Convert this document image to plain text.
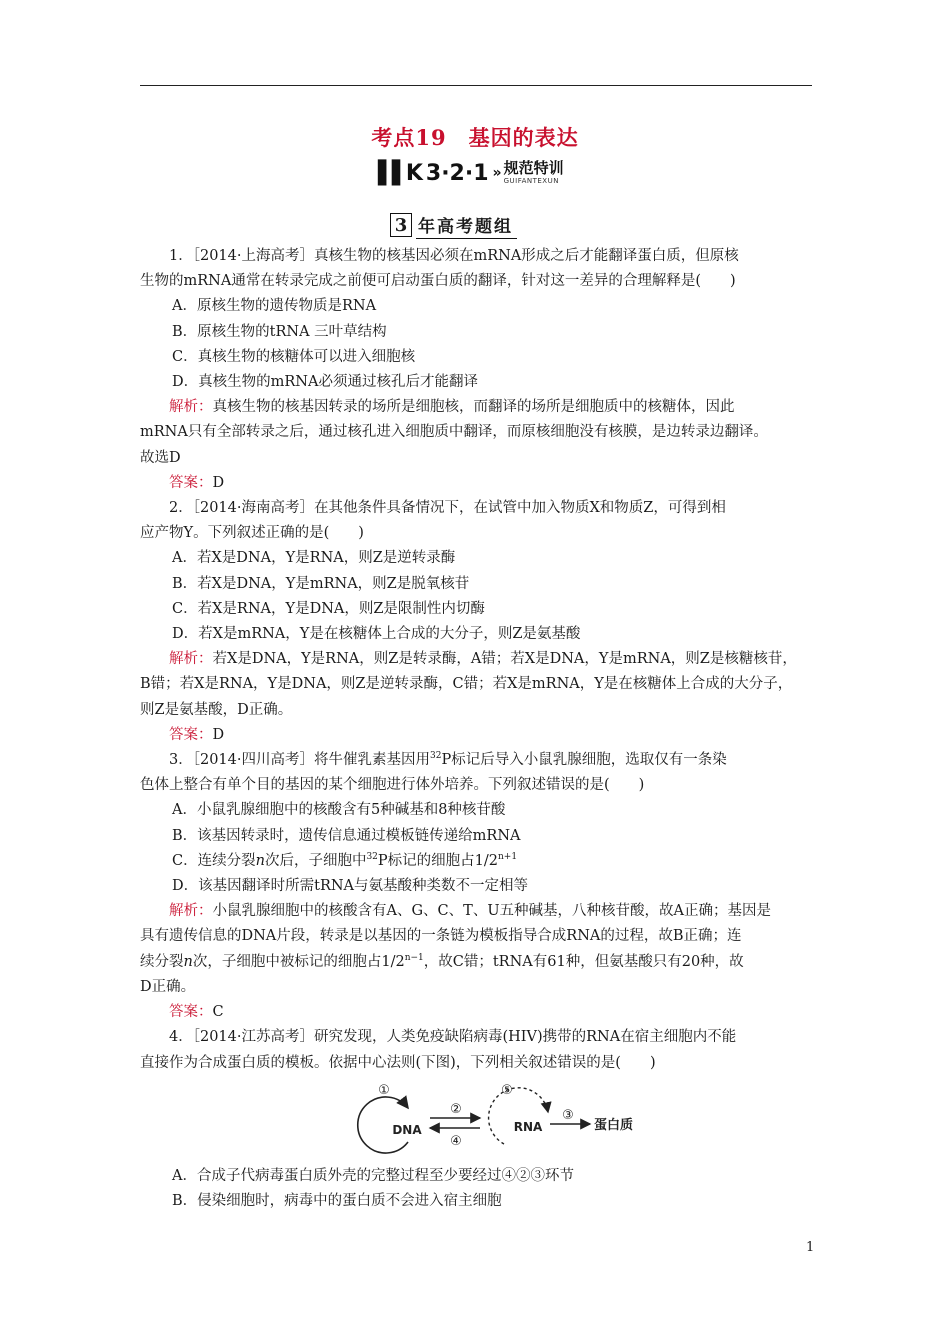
考点19　基因的表达
▌▌K 3·2·1 » 规范特训
GUIFANTEXUN
3 年高考题组

1．［2014·上海高考］真核生物的核基因必须在mRNA形成之后才能翻译蛋白质，但原核

生物的mRNA通常在转录完成之前便可启动蛋白质的翻译，针对这一差异的合理解释是(　　)

A．原核生物的遗传物质是RNA

B．原核生物的tRNA 三叶草结构

C．真核生物的核糖体可以进入细胞核

D．真核生物的mRNA必须通过核孔后才能翻译

解析：真核生物的核基因转录的场所是细胞核，而翻译的场所是细胞质中的核糖体，因此

mRNA只有全部转录之后，通过核孔进入细胞质中翻译，而原核细胞没有核膜，是边转录边翻译。

故选D

答案：D

2．［2014·海南高考］在其他条件具备情况下，在试管中加入物质X和物质Z，可得到相

应产物Y。下列叙述正确的是(　　)

A．若X是DNA，Y是RNA，则Z是逆转录酶

B．若X是DNA，Y是mRNA，则Z是脱氧核苷

C．若X是RNA，Y是DNA，则Z是限制性内切酶

D．若X是mRNA，Y是在核糖体上合成的大分子，则Z是氨基酸

解析：若X是DNA，Y是RNA，则Z是转录酶，A错；若X是DNA，Y是mRNA，则Z是核糖核苷，

B错；若X是RNA，Y是DNA，则Z是逆转录酶，C错；若X是mRNA，Y是在核糖体上合成的大分子，

则Z是氨基酸，D正确。

答案：D

3．［2014·四川高考］将牛催乳素基因用$^{32}$P标记后导入小鼠乳腺细胞，选取仅有一条染

色体上整合有单个目的基因的某个细胞进行体外培养。下列叙述错误的是(　　)

A．小鼠乳腺细胞中的核酸含有5种碱基和8种核苷酸

B．该基因转录时，遗传信息通过模板链传递给mRNA

C．连续分裂n次后，子细胞中$^{32}$P标记的细胞占$1/2^{n+1}$

D．该基因翻译时所需tRNA与氨基酸种类数不一定相等

解析：小鼠乳腺细胞中的核酸含有A、G、C、T、U五种碱基，八种核苷酸，故A正确；基因是

具有遗传信息的DNA片段，转录是以基因的一条链为模板指导合成RNA的过程，故B正确；连

续分裂n次，子细胞中被标记的细胞占$1/2^{n-1}$，故C错；tRNA有61种，但氨基酸只有20种，故

D正确。

答案：C

4．［2014·江苏高考］研究发现，人类免疫缺陷病毒(HIV)携带的RNA在宿主细胞内不能

直接作为合成蛋白质的模板。依据中心法则(下图)，下列相关叙述错误的是(　　)

①
DNA
②
④
⑤
RNA
③
蛋白质

A．合成子代病毒蛋白质外壳的完整过程至少要经过④②③环节

B．侵染细胞时，病毒中的蛋白质不会进入宿主细胞

1
